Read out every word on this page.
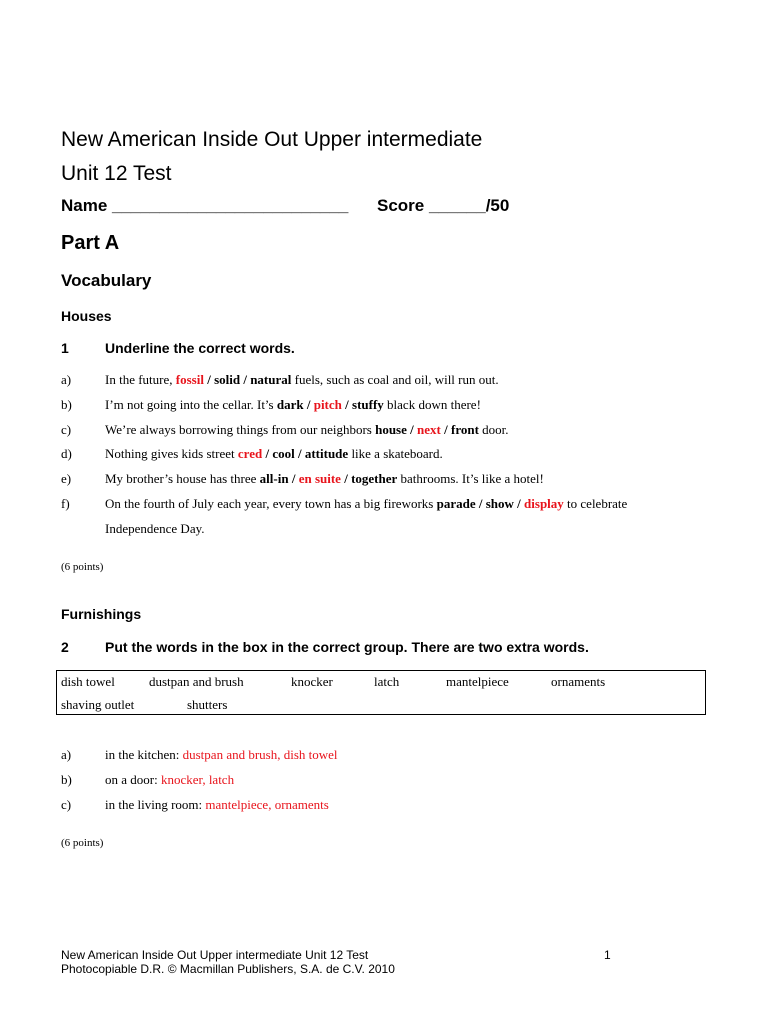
New American Inside Out Upper intermediate
Unit 12 Test
Name _________________________ Score ______/50
Part A
Vocabulary
Houses
1	Underline the correct words.
a)	In the future, fossil / solid / natural fuels, such as coal and oil, will run out.
b)	I’m not going into the cellar. It’s dark / pitch / stuffy black down there!
c)	We’re always borrowing things from our neighbors house / next / front door.
d)	Nothing gives kids street cred / cool / attitude like a skateboard.
e)	My brother’s house has three all-in / en suite / together bathrooms. It’s like a hotel!
f)	On the fourth of July each year, every town has a big fireworks parade / show / display to celebrate
Independence Day.
(6 points)
Furnishings
2	Put the words in the box in the correct group. There are two extra words.
dish towel	dustpan and brush	knocker	latch	mantelpiece	ornaments
shaving outlet	shutters
a)	in the kitchen: dustpan and brush, dish towel
b)	on a door: knocker, latch
c)	in the living room: mantelpiece, ornaments
(6 points)
New American Inside Out Upper intermediate Unit 12 Test
Photocopiable D.R. © Macmillan Publishers, S.A. de C.V. 2010
1
